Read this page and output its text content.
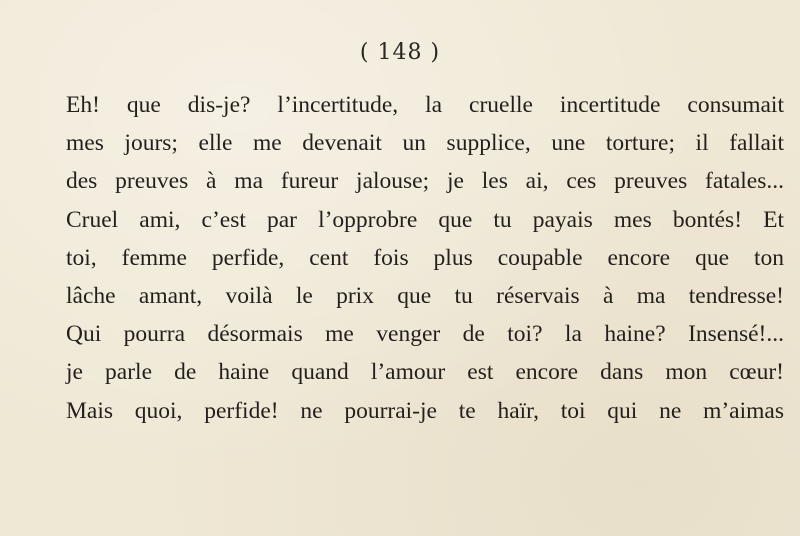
( 148 )
Eh! que dis-je? l’incertitude, la cruelle incertitude consumait
mes jours; elle me devenait un supplice, une torture; il fallait
des preuves à ma fureur jalouse; je les ai, ces preuves fatales...
Cruel ami, c’est par l’opprobre que tu payais mes bontés! Et
toi, femme perfide, cent fois plus coupable encore que ton
lâche amant, voilà le prix que tu réservais à ma tendresse!
Qui pourra désormais me venger de toi? la haine? Insensé!...
je parle de haine quand l’amour est encore dans mon cœur!
Mais quoi, perfide! ne pourrai-je te haïr, toi qui ne m’aimas
